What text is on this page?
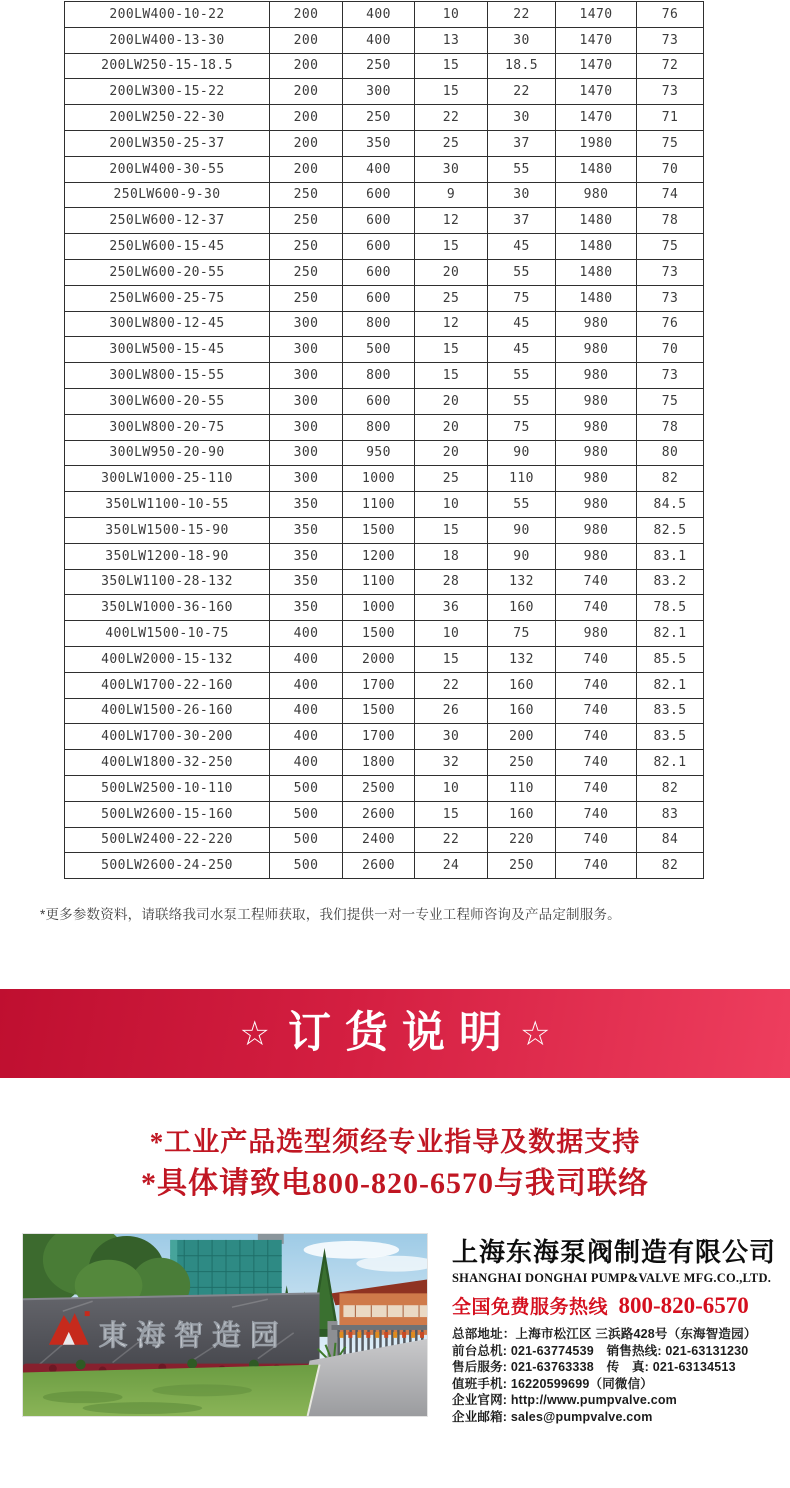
200LW400-10-22	200	400	10	22	1470	76
200LW400-13-30	200	400	13	30	1470	73
200LW250-15-18.5	200	250	15	18.5	1470	72
200LW300-15-22	200	300	15	22	1470	73
200LW250-22-30	200	250	22	30	1470	71
200LW350-25-37	200	350	25	37	1980	75
200LW400-30-55	200	400	30	55	1480	70
250LW600-9-30	250	600	9	30	980	74
250LW600-12-37	250	600	12	37	1480	78
250LW600-15-45	250	600	15	45	1480	75
250LW600-20-55	250	600	20	55	1480	73
250LW600-25-75	250	600	25	75	1480	73
300LW800-12-45	300	800	12	45	980	76
300LW500-15-45	300	500	15	45	980	70
300LW800-15-55	300	800	15	55	980	73
300LW600-20-55	300	600	20	55	980	75
300LW800-20-75	300	800	20	75	980	78
300LW950-20-90	300	950	20	90	980	80
300LW1000-25-110	300	1000	25	110	980	82
350LW1100-10-55	350	1100	10	55	980	84.5
350LW1500-15-90	350	1500	15	90	980	82.5
350LW1200-18-90	350	1200	18	90	980	83.1
350LW1100-28-132	350	1100	28	132	740	83.2
350LW1000-36-160	350	1000	36	160	740	78.5
400LW1500-10-75	400	1500	10	75	980	82.1
400LW2000-15-132	400	2000	15	132	740	85.5
400LW1700-22-160	400	1700	22	160	740	82.1
400LW1500-26-160	400	1500	26	160	740	83.5
400LW1700-30-200	400	1700	30	200	740	83.5
400LW1800-32-250	400	1800	32	250	740	82.1
500LW2500-10-110	500	2500	10	110	740	82
500LW2600-15-160	500	2600	15	160	740	83
500LW2400-22-220	500	2400	22	220	740	84
500LW2600-24-250	500	2600	24	250	740	82
*更多参数资料，请联络我司水泵工程师获取，我们提供一对一专业工程师咨询及产品定制服务。
☆ 订货说明 ☆
*工业产品选型须经专业指导及数据支持
*具体请致电800-820-6570与我司联络
東海智造园
上海东海泵阀制造有限公司
SHANGHAI DONGHAI PUMP&VALVE MFG.CO.,LTD.
全国免费服务热线 800-820-6570
总部地址：上海市松江区 三浜路428号（东海智造园）
前台总机: 021-63774539　销售热线: 021-63131230
售后服务: 021-63763338　传　真: 021-63134513
值班手机: 16220599699（同微信）
企业官网: http://www.pumpvalve.com
企业邮箱: sales@pumpvalve.com
